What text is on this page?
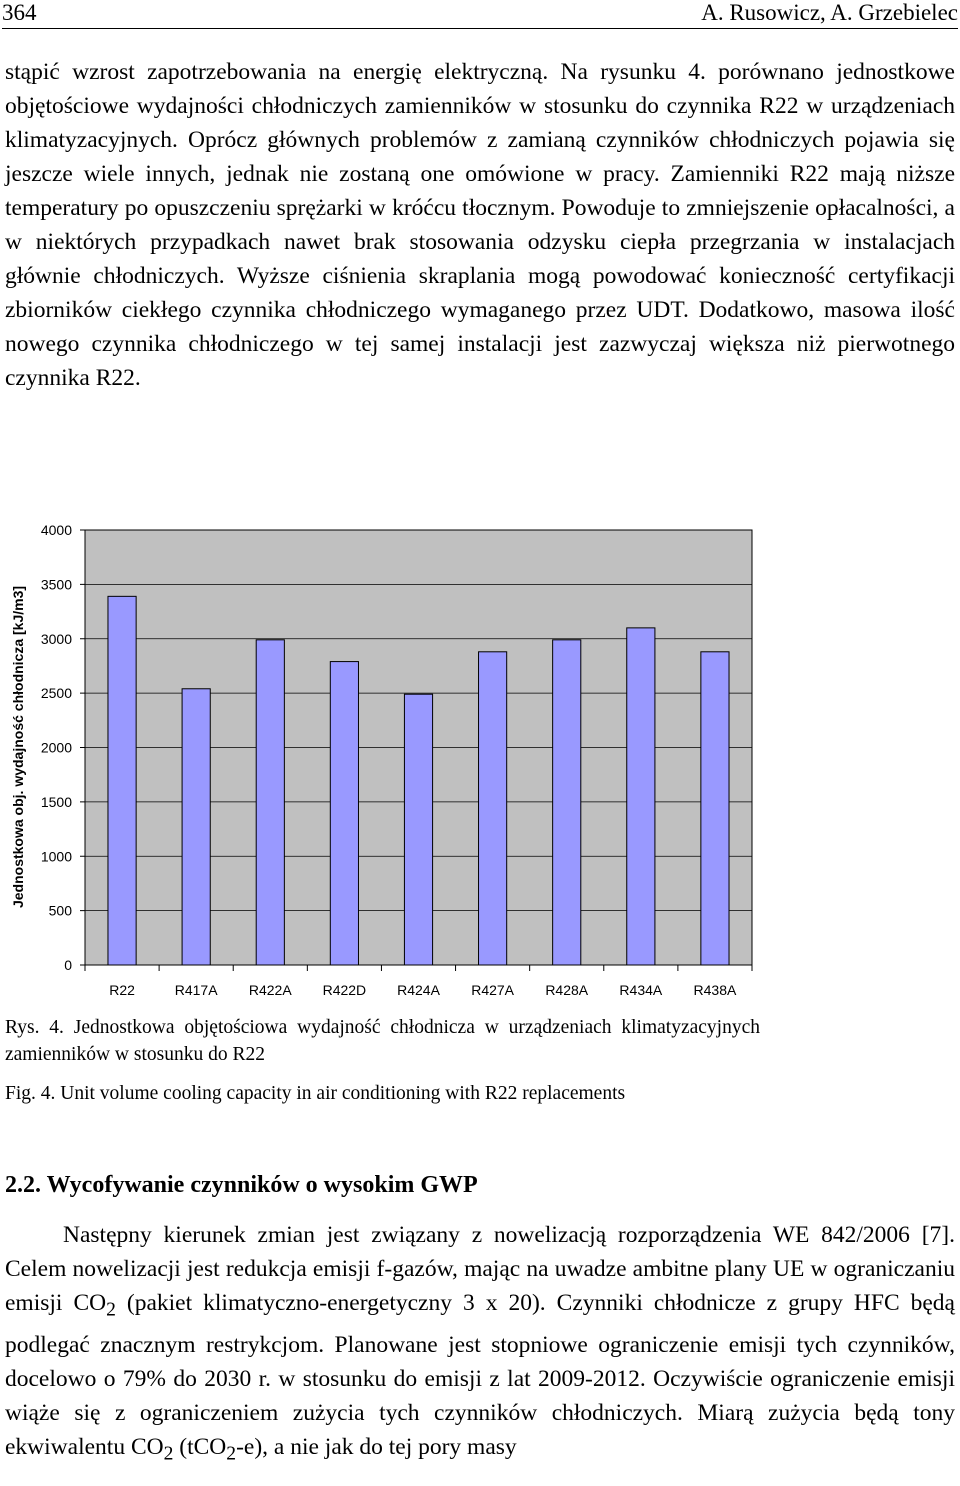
364	A. Rusowicz, A. Grzebielec

stąpić wzrost zapotrzebowania na energię elektryczną. Na rysunku 4. porównano jednostkowe objętościowe wydajności chłodniczych zamienników w stosunku do czynnika R22 w urządzeniach klimatyzacyjnych. Oprócz głównych problemów z zamianą czynników chłodniczych pojawia się jeszcze wiele innych, jednak nie zostaną one omówione w pracy. Zamienniki R22 mają niższe temperatury po opuszczeniu sprężarki w króćcu tłocznym. Powoduje to zmniejszenie opłacalności, a w niektórych przypadkach nawet brak stosowania odzysku ciepła przegrzania w instalacjach głównie chłodniczych. Wyższe ciśnienia skraplania mogą powodować konieczność certyfikacji zbiorników ciekłego czynnika chłodniczego wymaganego przez UDT. Dodatkowo, masowa ilość nowego czynnika chłodniczego w tej samej instalacji jest zazwyczaj większa niż pierwotnego czynnika R22.

0
500
1000
1500
2000
2500
3000
3500
4000
R22	R417A R422A R422D R424A R427A R428A R434A R438A
Jednostkowa obj. wydajność chłodnicza [kJ/m3]

Rys. 4. Jednostkowa objętościowa wydajność chłodnicza w urządzeniach klimatyzacyjnych zamienników w stosunku do R22

Fig. 4. Unit volume cooling capacity in air conditioning with R22 replacements

2.2. Wycofywanie czynników o wysokim GWP

Następny kierunek zmian jest związany z nowelizacją rozporządzenia WE 842/2006 [7]. Celem nowelizacji jest redukcja emisji f-gazów, mając na uwadze ambitne plany UE w ograniczaniu emisji $CO_2$ (pakiet klimatyczno-energetyczny 3 x 20). Czynniki chłodnicze z grupy HFC będą podlegać znacznym restrykcjom. Planowane jest stopniowe ograniczenie emisji tych czynników, docelowo o 79% do 2030 r. w stosunku do emisji z lat 2009-2012. Oczywiście ograniczenie emisji wiąże się z ograniczeniem zużycia tych czynników chłodniczych. Miarą zużycia będą tony ekwiwalentu $CO_2$ (tCO$_2$-e), a nie jak do tej pory masy
